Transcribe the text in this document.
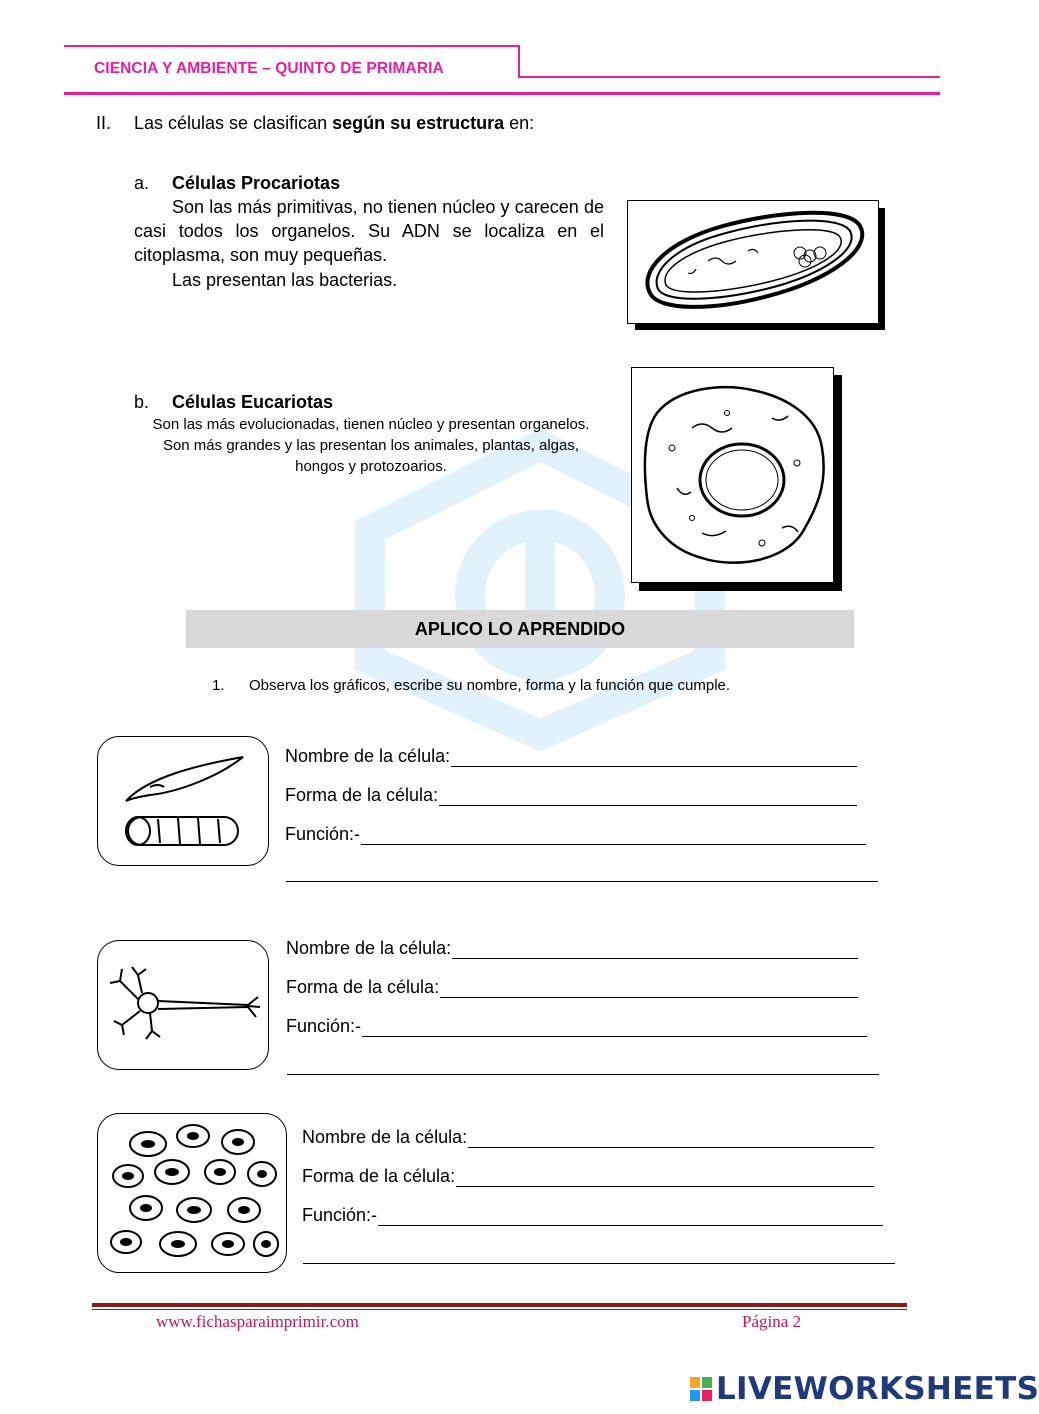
CIENCIA Y AMBIENTE – QUINTO DE PRIMARIA
II. Las células se clasifican según su estructura en:
a. Células Procariotas
Son las más primitivas, no tienen núcleo y carecen de casi todos los organelos. Su ADN se localiza en el citoplasma, son muy pequeñas.
Las presentan las bacterias.
b. Células Eucariotas
Son las más evolucionadas, tienen núcleo y presentan organelos. Son más grandes y las presentan los animales, plantas, algas, hongos y protozoarios.
APLICO LO APRENDIDO
1. Observa los gráficos, escribe su nombre, forma y la función que cumple.
Nombre de la célula:
Forma de la célula:
Función:-
Nombre de la célula:
Forma de la célula:
Función:-
Nombre de la célula:
Forma de la célula:
Función:-
www.fichasparaimprimir.com	Página 2
LIVEWORKSHEETS
